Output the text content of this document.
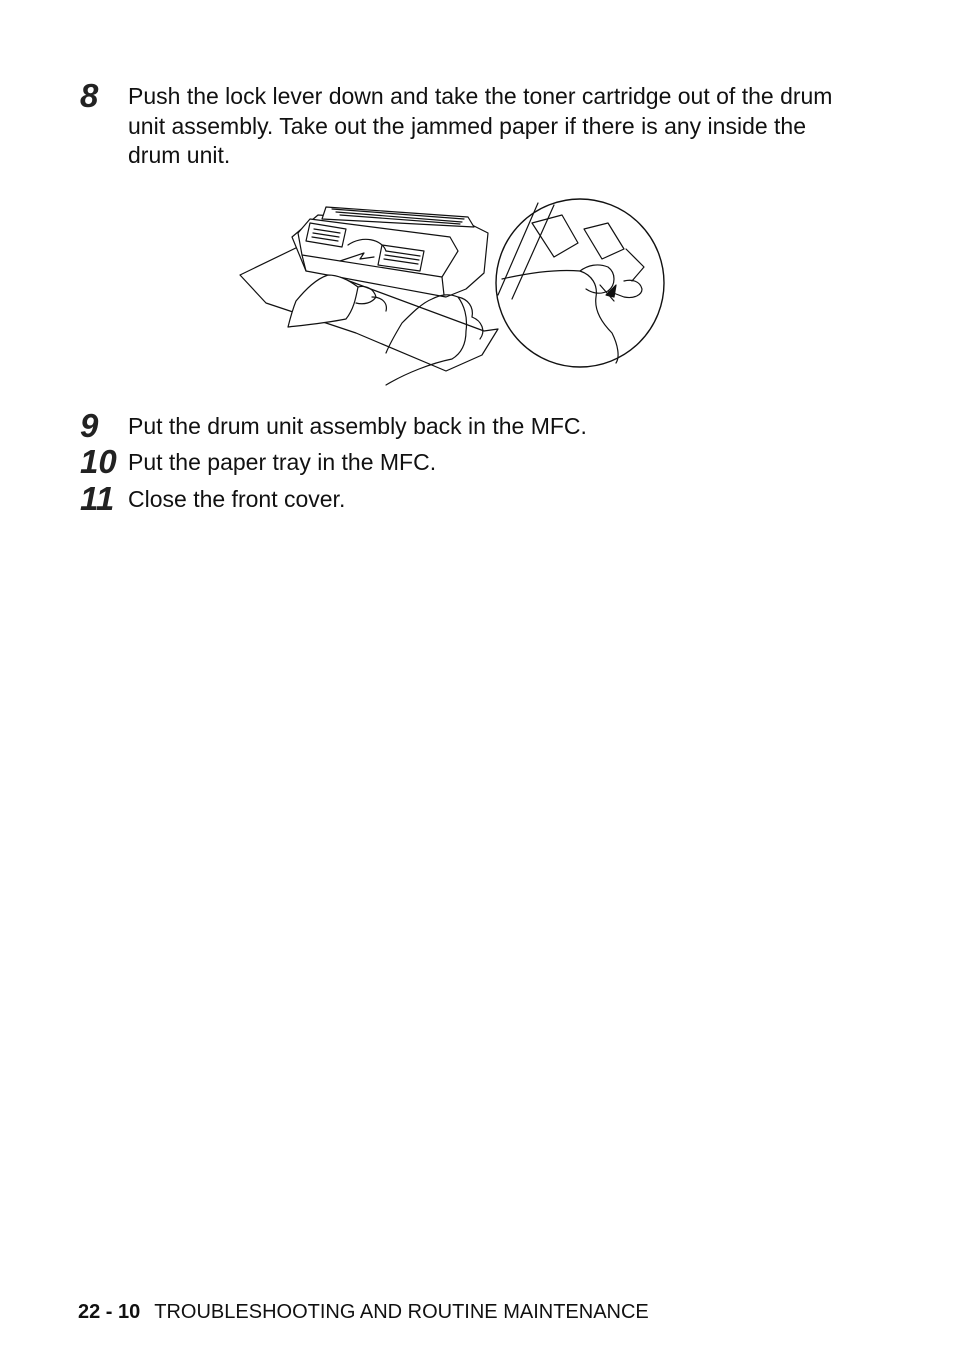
8 Push the lock lever down and take the toner cartridge out of the drum unit assembly. Take out the jammed paper if there is any inside the drum unit.
9 Put the drum unit assembly back in the MFC.
10 Put the paper tray in the MFC.
11 Close the front cover.
22 - 10 TROUBLESHOOTING AND ROUTINE MAINTENANCE
